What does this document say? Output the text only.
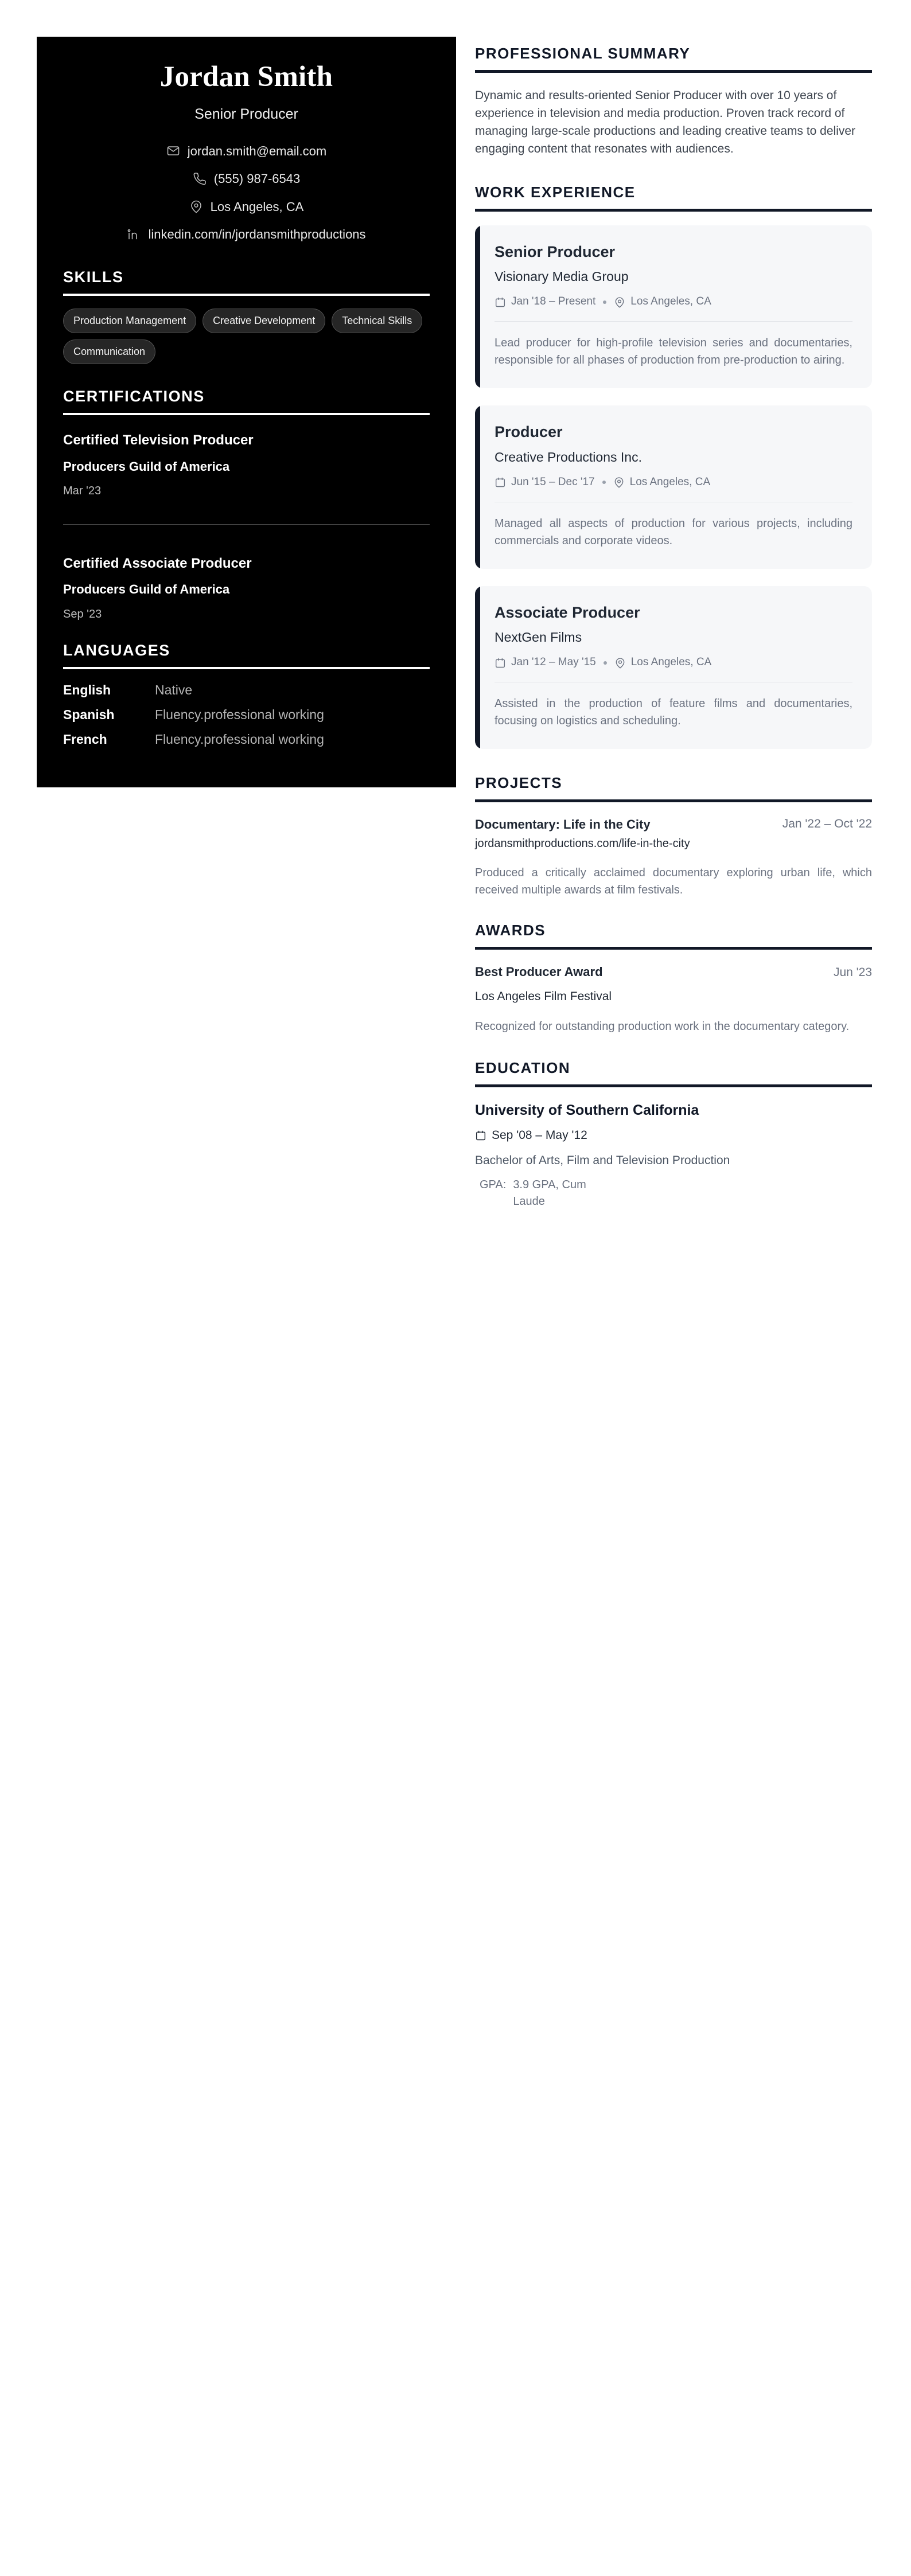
Jordan Smith
Senior Producer
jordan.smith@email.com
(555) 987-6543
Los Angeles, CA
linkedin.com/in/jordansmithproductions
SKILLS
Production Management	Creative Development	Technical Skills
Communication
CERTIFICATIONS
Certified Television Producer
Producers Guild of America
Mar '23
Certified Associate Producer
Producers Guild of America
Sep '23
LANGUAGES
English	Native
Spanish	Fluency.professional working
French	Fluency.professional working
PROFESSIONAL SUMMARY

Dynamic and results-oriented Senior Producer with over 10 years of experience in television and media production. Proven track record of managing large-scale productions and leading creative teams to deliver engaging content that resonates with audiences.

WORK EXPERIENCE
Senior Producer
Visionary Media Group
Jan '18 – Present	Los Angeles, CA

Lead producer for high-profile television series and documentaries, responsible for all phases of production from pre-production to airing.

Producer
Creative Productions Inc.
Jun '15 – Dec '17	Los Angeles, CA

Managed all aspects of production for various projects, including commercials and corporate videos.

Associate Producer
NextGen Films
Jan '12 – May '15	Los Angeles, CA

Assisted in the production of feature films and documentaries, focusing on logistics and scheduling.

PROJECTS
Documentary: Life in the City	Jan '22 – Oct '22
jordansmithproductions.com/life-in-the-city

Produced a critically acclaimed documentary exploring urban life, which received multiple awards at film festivals.

AWARDS
Best Producer Award	Jun '23
Los Angeles Film Festival

Recognized for outstanding production work in the documentary category.

EDUCATION
University of Southern California
Sep '08 – May '12
Bachelor of Arts, Film and Television Production
GPA: 3.9 GPA, Cum Laude
